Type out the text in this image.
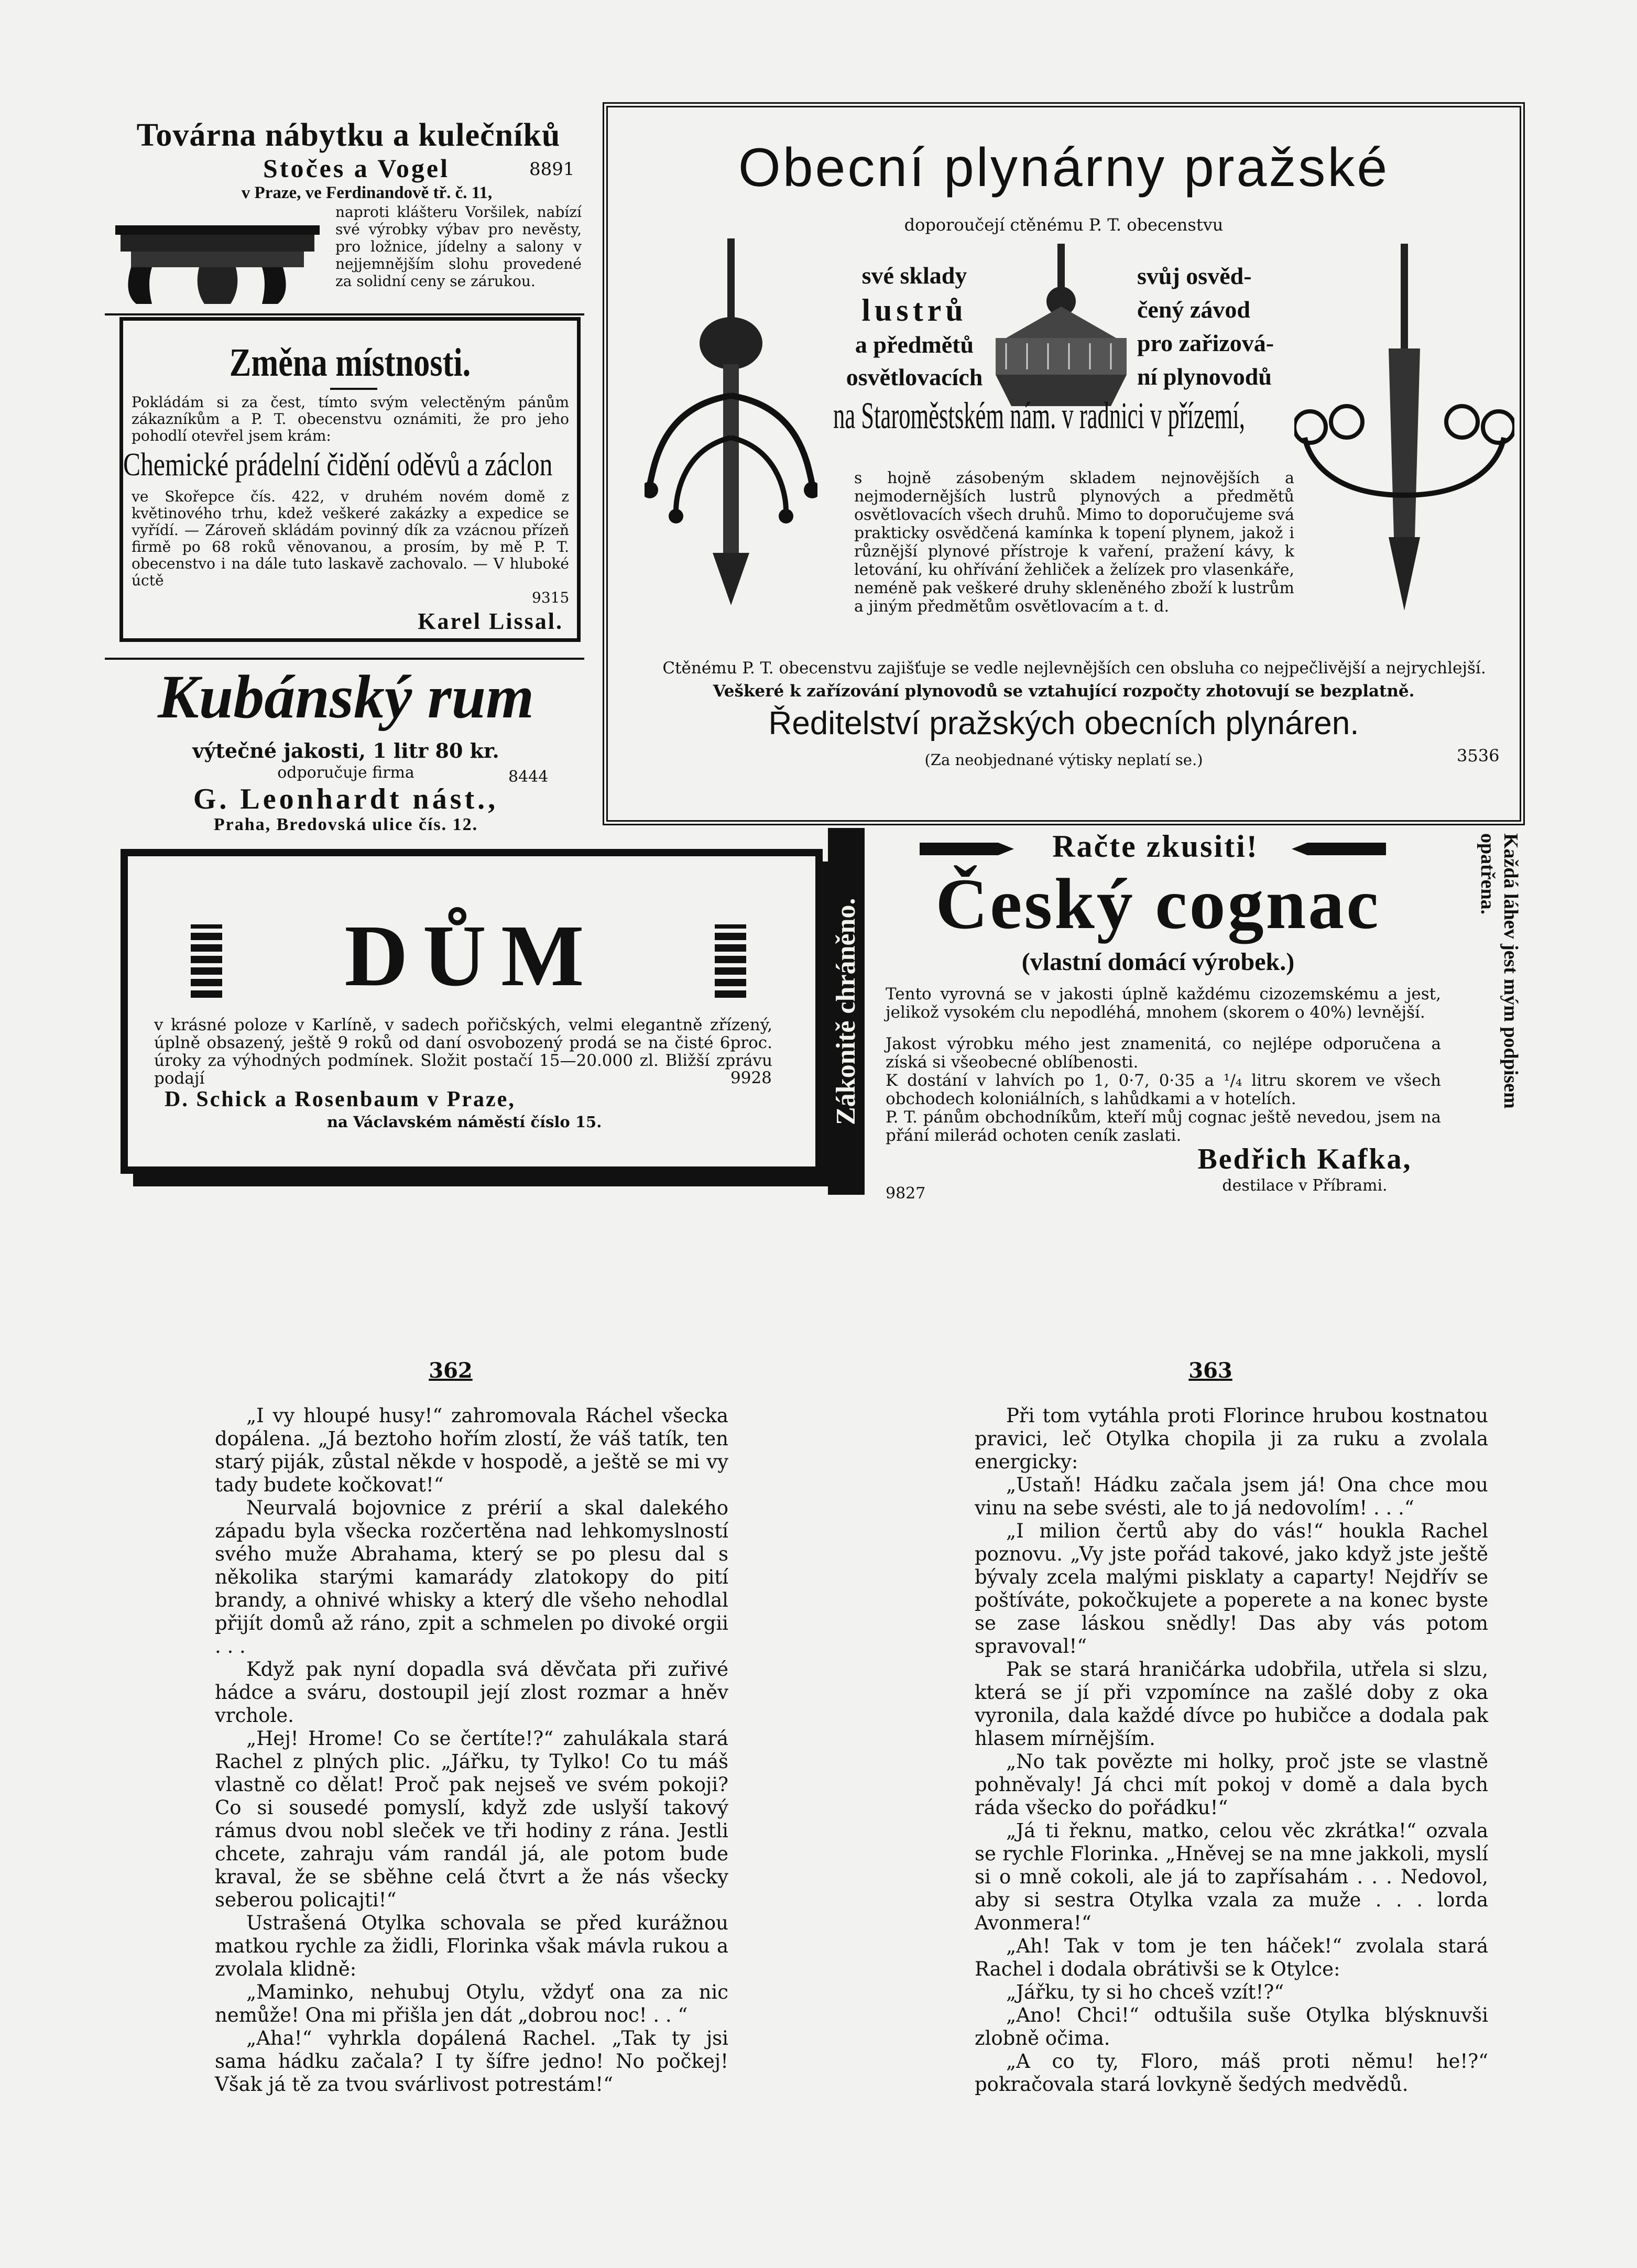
Továrna nábytku a kulečníků
Stočes a Vogel	8891
v Praze, ve Ferdinandově tř. č. 11,
naproti klášteru Voršilek, nabízí své výrobky výbav pro nevěsty, pro ložnice, jídelny a salony v nejjemnějším slohu provedené za solidní ceny se zárukou.
Změna místnosti.
Pokládám si za čest, tímto svým velectěným pánům zákazníkům a P. T. obecenstvu oznámiti, že pro jeho pohodlí otevřel jsem krám:
Chemické prádelní čidění oděvů a záclon
ve Skořepce čís. 422, v druhém novém domě z květinového trhu, kdež veškeré zakázky a expedice se vyřídí. — Zároveň skládám povinný dík za vzácnou přízeň firmě po 68 roků věnovanou, a prosím, by mě P. T. obecenstvo i na dále tuto laskavě zachovalo. — V hluboké úctě
9315
Karel Lissal.
Kubánský rum
výtečné jakosti, 1 litr 80 kr.
odporučuje firma	8444
G. Leonhardt nást.,
Praha, Bredovská ulice čís. 12.
Obecní plynárny pražské
doporoučejí ctěnému P. T. obecenstvu
své sklady
lustrů
a předmětů
osvětlovacích
svůj osvěd-
čený závod
pro zařizová-
ní plynovodů
na Staroměstském nám. v radnici v přízemí,
s hojně zásobeným skladem nejnovějších a nejmodernějších lustrů plynových a předmětů osvětlovacích všech druhů. Mimo to doporučujeme svá prakticky osvědčená kamínka k topení plynem, jakož i různější plynové přístroje k vaření, pražení kávy, k letování, ku ohřívání žehliček a želízek pro vlasenkáře, neméně pak veškeré druhy skleněného zboží k lustrům a jiným předmětům osvětlovacím a t. d.
Ctěnému P. T. obecenstvu zajišťuje se vedle nejlevnějších cen obsluha co nejpečlivější a nejrychlejší.
Veškeré k zařízování plynovodů se vztahující rozpočty zhotovují se bezplatně.
Ředitelství pražských obecních plynáren.
(Za neobjednané výtisky neplatí se.)	3536
DŮM
v krásné poloze v Karlíně, v sadech pořičských, velmi elegantně zřízený, úplně obsazený, ještě 9 roků od daní osvobozený prodá se na čisté 6proc. úroky za výhodných podmínek. Složit postačí 15—20.000 zl. Bližší zprávu podají	9928
D. Schick a Rosenbaum v Praze,
na Václavském náměstí číslo 15.	Zákonitě chráněno.
Račte zkusiti!
Český cognac
(vlastní domácí výrobek.)
Tento vyrovná se v jakosti úplně každému cizozemskému a jest, jelikož vysokém clu nepodléhá, mnohem (skorem o 40%) levnější.
Jakost výrobku mého jest znamenitá, co nejlépe odporučena a získá si všeobecné oblíbenosti.
K dostání v lahvích po 1, 0·7, 0·35 a ¹/₄ litru skorem ve všech obchodech koloniálních, s lahůdkami a v hotelích.
P. T. pánům obchodníkům, kteří můj cognac ještě nevedou, jsem na přání milerád ochoten ceník zaslati.
Bedřich Kafka,
destilace v Příbrami.
9827
Každá láhev jest mým podpisem opatřena.
362	363

„I vy hloupé husy!“ zahromovala Ráchel všecka dopálena. „Já beztoho hořím zlostí, že váš tatík, ten starý piják, zůstal někde v hospodě, a ještě se mi vy tady budete kočkovat!“

Neurvalá bojovnice z prérií a skal dalekého západu byla všecka rozčertěna nad lehkomyslností svého muže Abrahama, který se po plesu dal s několika starými kamarády zlatokopy do pití brandy, a ohnivé whisky a který dle všeho nehodlal přijít domů až ráno, zpit a schmelen po divoké orgii . . .

Když pak nyní dopadla svá děvčata při zuřivé hádce a sváru, dostoupil její zlost rozmar a hněv vrchole.

„Hej! Hrome! Co se čertíte!?“ zahulákala stará Rachel z plných plic. „Jářku, ty Tylko! Co tu máš vlastně co dělat! Proč pak nejseš ve svém pokoji? Co si sousedé pomyslí, když zde uslyší takový rámus dvou nobl sleček ve tři hodiny z rána. Jestli chcete, zahraju vám randál já, ale potom bude kraval, že se sběhne celá čtvrt a že nás všecky seberou policajti!“

Ustrašená Otylka schovala se před kurážnou matkou rychle za židli, Florinka však mávla rukou a zvolala klidně:

„Maminko, nehubuj Otylu, vždyť ona za nic nemůže! Ona mi přišla jen dát „dobrou noc! . . “

„Aha!“ vyhrkla dopálená Rachel. „Tak ty jsi sama hádku začala? I ty šífre jedno! No počkej! Však já tě za tvou svárlivost potrestám!“

Při tom vytáhla proti Florince hrubou kostnatou pravici, leč Otylka chopila ji za ruku a zvolala energicky:

„Ustaň! Hádku začala jsem já! Ona chce mou vinu na sebe svésti, ale to já nedovolím! . . .“

„I milion čertů aby do vás!“ houkla Rachel poznovu. „Vy jste pořád takové, jako když jste ještě bývaly zcela malými pisklaty a caparty! Nejdřív se poštíváte, pokočkujete a poperete a na konec byste se zase láskou snědly! Das aby vás potom spravoval!“

Pak se stará hraničárka udobřila, utřela si slzu, která se jí při vzpomínce na zašlé doby z oka vyronila, dala každé dívce po hubičce a dodala pak hlasem mírnějším.

„No tak povězte mi holky, proč jste se vlastně pohněvaly! Já chci mít pokoj v domě a dala bych ráda všecko do pořádku!“

„Já ti řeknu, matko, celou věc zkrátka!“ ozvala se rychle Florinka. „Hněvej se na mne jakkoli, myslí si o mně cokoli, ale já to zapřísahám . . . Nedovol, aby si sestra Otylka vzala za muže . . . lorda Avonmera!“

„Ah! Tak v tom je ten háček!“ zvolala stará Rachel i dodala obrátivši se k Otylce:

„Jářku, ty si ho chceš vzít!?“

„Ano! Chci!“ odtušila suše Otylka blýsknuvši zlobně očima.

„A co ty, Floro, máš proti němu! he!?“ pokračovala stará lovkyně šedých medvědů.
